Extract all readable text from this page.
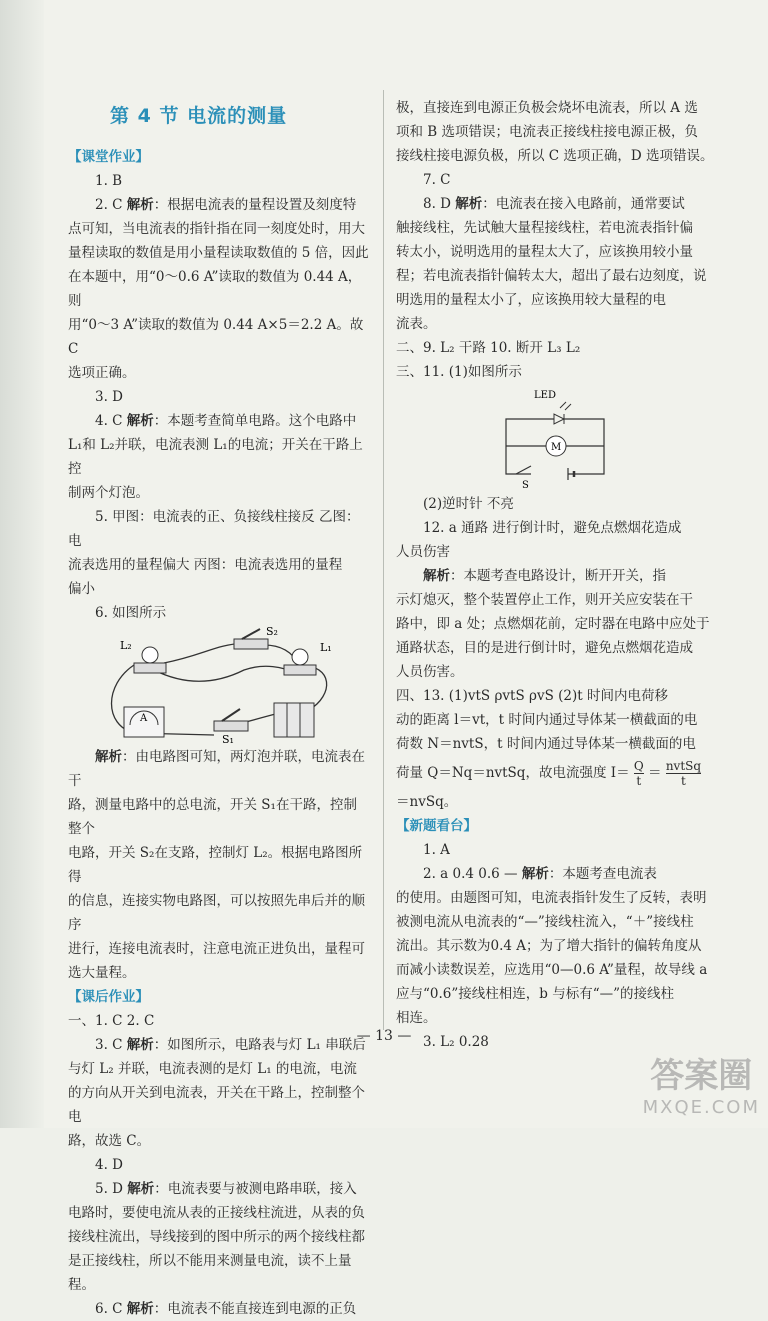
第 4 节 电流的测量

【课堂作业】

1. B

2. C 解析：根据电流表的量程设置及刻度特

点可知，当电流表的指针指在同一刻度处时，用大

量程读取的数值是用小量程读取数值的 5 倍，因此

在本题中，用“0～0.6 A”读取的数值为 0.44 A，则

用“0～3 A”读取的数值为 0.44 A×5＝2.2 A。故 C

选项正确。

3. D

4. C 解析：本题考查简单电路。这个电路中

L₁和 L₂并联，电流表测 L₁的电流；开关在干路上控

制两个灯泡。

5. 甲图：电流表的正、负接线柱接反 乙图：电

流表选用的量程偏大 丙图：电流表选用的量程

偏小

6. 如图所示

L₂
S₂
L₁
A
S₁

解析：由电路图可知，两灯泡并联，电流表在干

路，测量电路中的总电流，开关 S₁在干路，控制整个

电路，开关 S₂在支路，控制灯 L₂。根据电路图所得

的信息，连接实物电路图，可以按照先串后并的顺序

进行，连接电流表时，注意电流正进负出，量程可

选大量程。

【课后作业】

一、1. C 2. C

3. C 解析：如图所示，电路表与灯 L₁ 串联后

与灯 L₂ 并联，电流表测的是灯 L₁ 的电流，电流

的方向从开关到电流表，开关在干路上，控制整个电

路，故选 C。

4. D

5. D 解析：电流表要与被测电路串联，接入

电路时，要使电流从表的正接线柱流进，从表的负

接线柱流出，导线接到的图中所示的两个接线柱都

是正接线柱，所以不能用来测量电流，读不上量程。

6. C 解析：电流表不能直接连到电源的正负

极，直接连到电源正负极会烧坏电流表，所以 A 选

项和 B 选项错误；电流表正接线柱接电源正极，负

接线柱接电源负极，所以 C 选项正确，D 选项错误。

7. C

8. D 解析：电流表在接入电路前，通常要试

触接线柱，先试触大量程接线柱，若电流表指针偏

转太小，说明选用的量程太大了，应该换用较小量

程；若电流表指针偏转太大，超出了最右边刻度，说

明选用的量程太小了，应该换用较大量程的电

流表。

二、9. L₂ 干路 10. 断开 L₃ L₂

三、11. (1)如图所示

LED
M
S

(2)逆时针 不亮

12. a 通路 进行倒计时，避免点燃烟花造成

人员伤害

解析：本题考查电路设计，断开开关，指

示灯熄灭，整个装置停止工作，则开关应安装在干

路中，即 a 处；点燃烟花前，定时器在电路中应处于

通路状态，目的是进行倒计时，避免点燃烟花造成

人员伤害。

四、13. (1)vtS ρvtS ρvS (2)t 时间内电荷移

动的距离 l＝vt，t 时间内通过导体某一横截面的电

荷数 N＝nvtS，t 时间内通过导体某一横截面的电

荷量 Q＝Nq＝nvtSq，故电流强度 $I= \frac{Q}{t}$ ＝ nvtSq
t

＝nvSq。

【新题看台】

1. A

2. a 0.4 0.6 — 解析：本题考查电流表

的使用。由题图可知，电流表指针发生了反转，表明

被测电流从电流表的“—”接线柱流入，“＋”接线柱

流出。其示数为0.4 A；为了增大指针的偏转角度从

而减小读数误差，应选用“0—0.6 A”量程，故导线 a

应与“0.6”接线柱相连，b 与标有“—”的接线柱

相连。

3. L₂ 0.28

— 13 —
答案圈
MXQE.COM
